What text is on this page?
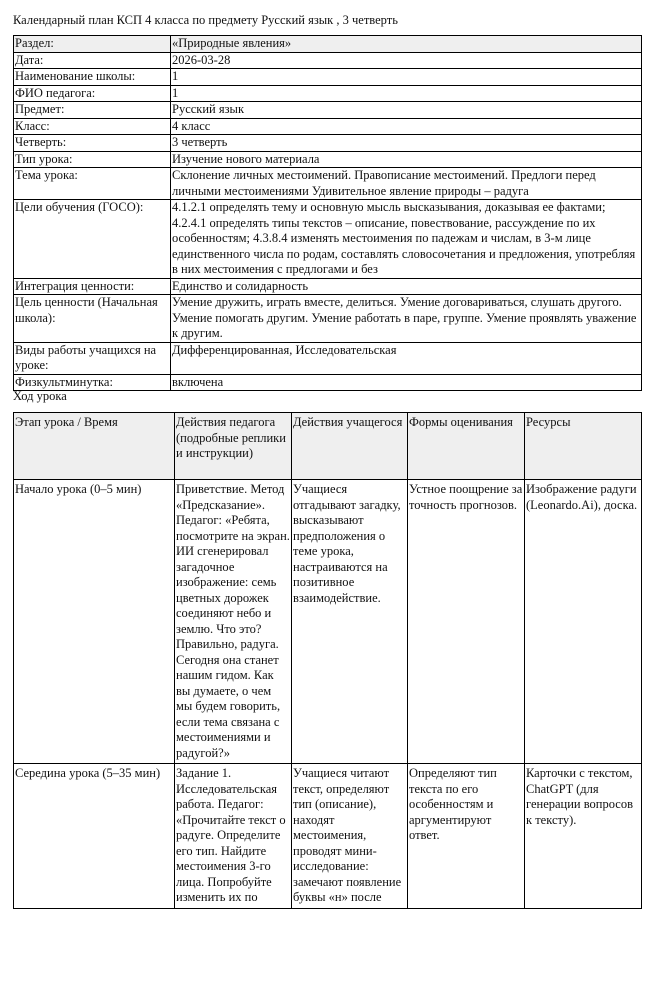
Календарный план КСП 4 класса по предмету Русский язык , 3 четверть
Раздел:	«Природные явления»
Дата:	2026-03-28
Наименование школы:	1
ФИО педагога:	1
Предмет:	Русский язык
Класс:	4 класс
Четверть:	3 четверть
Тип урока:	Изучение нового материала
Тема урока:	Склонение личных местоимений. Правописание местоимений. Предлоги перед личными местоимениями Удивительное явление природы – радуга
Цели обучения (ГОСО):	4.1.2.1 определять тему и основную мысль высказывания, доказывая ее фактами; 4.2.4.1 определять типы текстов – описание, повествование, рассуждение по их особенностям; 4.3.8.4 изменять местоимения по падежам и числам, в 3-м лице единственного числа по родам, составлять словосочетания и предложения, употребляя в них местоимения с предлогами и без
Интеграция ценности:	Единство и солидарность
Цель ценности (Начальная школа):	Умение дружить, играть вместе, делиться. Умение договариваться, слушать другого. Умение помогать другим. Умение работать в паре, группе. Умение проявлять уважение к другим.
Виды работы учащихся на уроке:	Дифференцированная, Исследовательская
Физкультминутка:	включена
Ход урока
Этап урока / Время	Действия педагога (подробные реплики и инструкции)	Действия учащегося	Формы оценивания	Ресурсы
Начало урока (0–5 мин)	Приветствие. Метод «Предсказание». Педагог: «Ребята, посмотрите на экран. ИИ сгенерировал загадочное изображение: семь цветных дорожек соединяют небо и землю. Что это? Правильно, радуга. Сегодня она станет нашим гидом. Как вы думаете, о чем мы будем говорить, если тема связана с местоимениями и радугой?»	Учащиеся отгадывают загадку, высказывают предположения о теме урока, настраиваются на позитивное взаимодействие.	Устное поощрение за точность прогнозов.	Изображение радуги (Leonardo.Ai), доска.
Середина урока (5–35 мин)	Задание 1. Исследовательская работа. Педагог: «Прочитайте текст о радуге. Определите его тип. Найдите местоимения 3-го лица. Попробуйте изменить их по	Учащиеся читают текст, определяют тип (описание), находят местоимения, проводят мини-исследование: замечают появление буквы «н» после	Определяют тип текста по его особенностям и аргументируют ответ.	Карточки с текстом, ChatGPT (для генерации вопросов к тексту).
